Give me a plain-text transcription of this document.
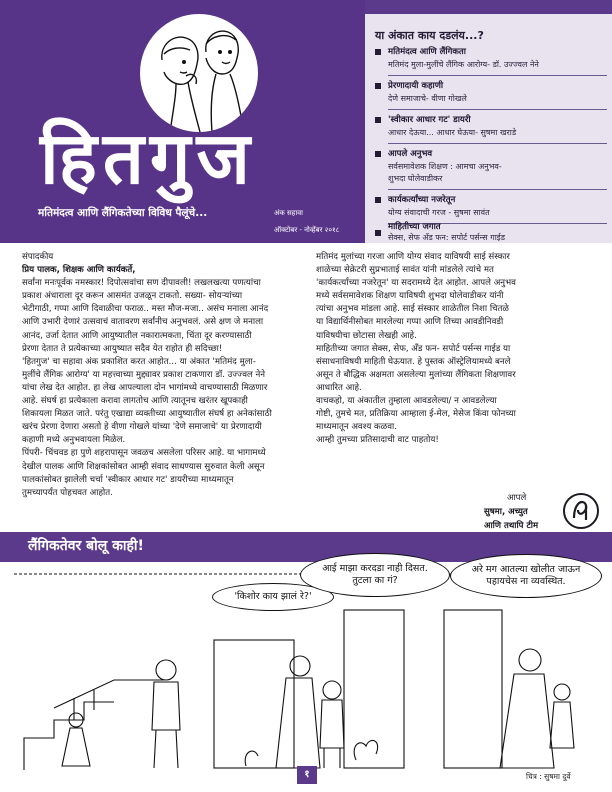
हितगुज
मतिमंदत्व आणि लैंगिकतेच्या विविध पैलूंचे...	अंक सहावा
ऑक्टोबर - नोव्हेंबर २०१८
या अंकात काय दडलंय...?
मतिमंदत्व आणि लैंगिकता
मतिमंद मुला-मुलींचे लैंगिक आरोग्य- डॉ. उज्ज्वल नेने
प्रेरणादायी कहाणी
देणे समाजाचे- वीणा गोखले
'स्वीकार आधार गट' डायरी
आधार देऊया... आधार घेऊया- सुषमा खराडे
आपले अनुभव
सर्वसमावेशक शिक्षण : आमचा अनुभव-
शुभदा घोलेवाडीकर
कार्यकर्त्यांच्या नजरेतून
योग्य संवादाची गरज - सुषमा सावंत
माहितीच्या जगात
सेक्स, सेफ अँड फन: सपोर्ट पर्सन्स गाईड
संपादकीय
प्रिय पालक, शिक्षक आणि कार्यकर्ते,
सर्वांना मनःपूर्वक नमस्कार! दिपोत्सवांचा सण दीपावली! लखलखत्या पणत्यांचा
प्रकाश अंधाराला दूर करून आसमंत उजळून टाकतो. सख्या- सोयऱ्यांच्या
भेटीगाठी, गप्पा आणि दिवाळीचा फराळ.. मस्त मौज-मजा.. असंच मनाला आनंद
आणि उभारी देणारं उत्सवाचं वातावरण सर्वांनीच अनुभवलं. असे क्षण जे मनाला
आनंद, उर्जा देतात आणि आयुष्यातील नकारात्मकता, चिंता दूर करण्यासाठी
प्रेरणा देतात ते प्रत्येकाच्या आयुष्यात सदैव येत राहोत ही सदिच्छा!
'हितगुज' चा सहावा अंक प्रकाशित करत आहोत... या अंकात 'मतिमंद मुला-
मुलींचे लैंगिक आरोग्य' या महत्त्वाच्या मुद्द्यावर प्रकाश टाकणारा डॉ. उज्ज्वल नेने
यांचा लेख देत आहोत. हा लेख आपल्याला दोन भागांमध्ये वाचण्यासाठी मिळणार
आहे. संघर्ष हा प्रत्येकाला करावा लागतोच आणि त्यातूनच खरंतर खूपकाही
शिकायला मिळत जाते. परंतु एखाद्या व्यक्तीच्या आयुष्यातील संघर्ष हा अनेकांसाठी
खरंच प्रेरणा देणारा असतो हे वीणा गोखले यांच्या 'देणे समाजाचे' या प्रेरणादायी
कहाणी मध्ये अनुभवायला मिळेल.
पिंपरी- चिंचवड हा पुणे शहरापासून जवळच असलेला परिसर आहे. या भागामध्ये
देखील पालक आणि शिक्षकांसोबत आम्ही संवाद साधण्यास सुरुवात केली असून
पालकांसोबत झालेली चर्चा 'स्वीकार आधार गट' डायरीच्या माध्यमातून
तुमच्यापर्यंत पोहचवत आहोत.
मतिमंद मुलांच्या गरजा आणि योग्य संवाद याविषयी साई संस्कार
शाळेच्या सेक्रेटरी सुप्रभाताई सावंत यांनी मांडलेले त्यांचे मत
'कार्यकर्त्यांच्या नजरेतून' या सदरामध्ये देत आहोत. आपले अनुभव
मध्ये सर्वसमावेशक शिक्षण याविषयी शुभदा घोलेवाडीकर यांनी
त्यांचा अनुभव मांडला आहे. साई संस्कार शाळेतील निशा चितळे
या विद्यार्थिनीसोबत मारलेल्या गप्पा आणि तिच्या आवडीनिवडी
याविषयीचा छोटासा लेखही आहे.
माहितीच्या जगात सेक्स, सेफ, अँड फन- सपोर्ट पर्सन्स गाईड या
संसाधनाविषयी माहिती घेऊयात. हे पुस्तक ऑस्ट्रेलियामध्ये बनले
असून ते बौद्धिक अक्षमता असलेल्या मुलांच्या लैंगिकता शिक्षणावर
आधारित आहे.
वाचकहो, या अंकातील तुम्हाला आवडलेल्या/ न आवडलेल्या
गोष्टी, तुमचे मत, प्रतिक्रिया आम्हाला ई-मेल, मेसेज किंवा फोनच्या
माध्यमातून अवश्य कळवा.
आम्ही तुमच्या प्रतिसादाची वाट पाहतोय!
आपले
सुषमा, अच्युत
आणि तथापि टीम
लैंगिकतेवर बोलू काही!
'किशोर काय झालं रे?'
आई माझा करदडा नाही दिसत.
तुटला का गं?
अरे मग आतल्या खोलीत जाऊन
पहायचेस ना व्यवस्थित.
चित्र : सुषमा दुर्वे
१
